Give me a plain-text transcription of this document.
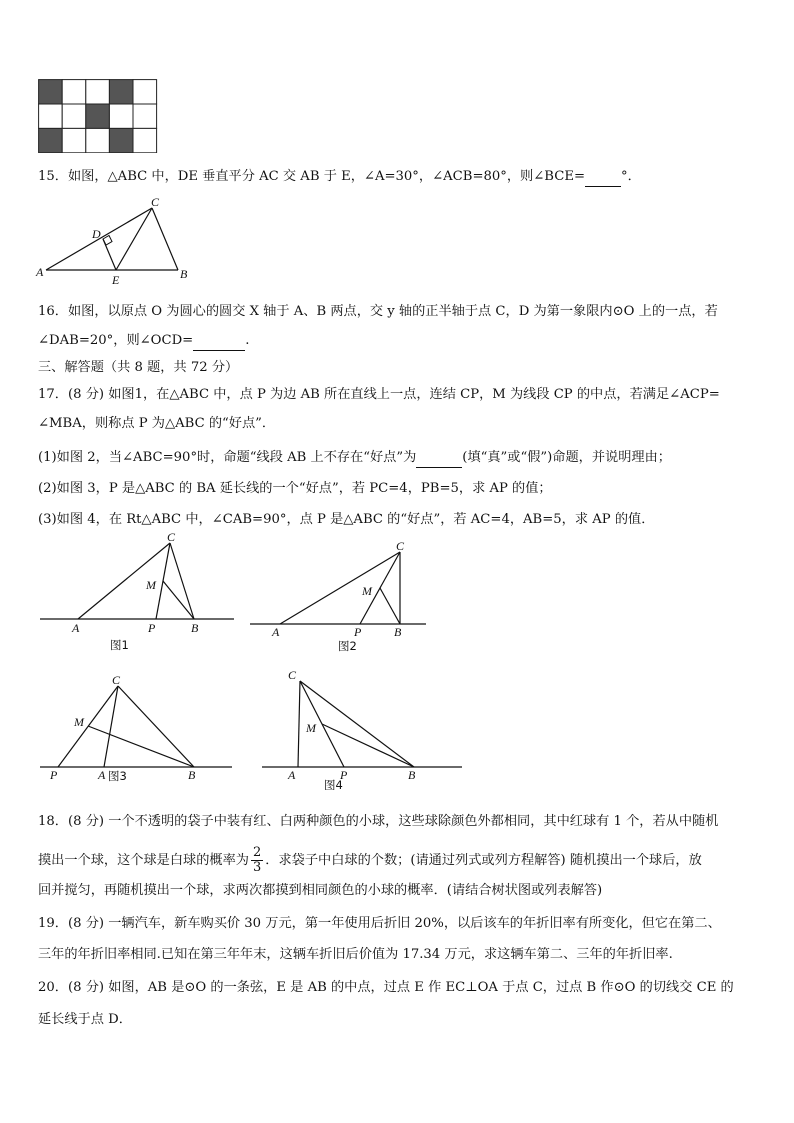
15．如图，△ABC 中，DE 垂直平分 AC 交 AB 于 E，∠A=30°，∠ACB=80°，则∠BCE=	°．
A	B
C
D
E
16．如图，以原点 O 为圆心的圆交 X 轴于 A、B 两点，交 y 轴的正半轴于点 C，D 为第一象限内⊙O 上的一点，若
∠DAB=20°，则∠OCD=	.
三、解答题（共 8 题，共 72 分）
17．(8 分) 如图1，在△ABC 中，点 P 为边 AB 所在直线上一点，连结 CP，M 为线段 CP 的中点，若满足∠ACP=
∠MBA，则称点 P 为△ABC 的“好点”．
(1)如图 2，当∠ABC=90°时，命题“线段 AB 上不存在“好点”为	(填“真”或“假”)命题，并说明理由；
(2)如图 3，P 是△ABC 的 BA 延长线的一个“好点”，若 PC=4，PB=5，求 AP 的值；
(3)如图 4，在 Rt△ABC 中，∠CAB=90°，点 P 是△ABC 的“好点”，若 AC=4，AB=5，求 AP 的值．
C
M
A	P	B
图1
C
M
A	P	B
图2
C
M
P	A	B
图3
C
M
A	P	B
图4
18．(8 分) 一个不透明的袋子中装有红、白两种颜色的小球，这些球除颜色外都相同，其中红球有 1 个，若从中随机
摸出一个球，这个球是白球的概率为 $\frac{2}{3}$ ．求袋子中白球的个数；(请通过列式或列方程解答) 随机摸出一个球后，放
回并搅匀，再随机摸出一个球，求两次都摸到相同颜色的小球的概率．(请结合树状图或列表解答)
19．(8 分) 一辆汽车，新车购买价 30 万元，第一年使用后折旧 20%，以后该车的年折旧率有所变化，但它在第二、
三年的年折旧率相同.已知在第三年年末，这辆车折旧后价值为 17.34 万元，求这辆车第二、三年的年折旧率.
20．(8 分) 如图，AB 是⊙O 的一条弦，E 是 AB 的中点，过点 E 作 EC⊥OA 于点 C，过点 B 作⊙O 的切线交 CE 的
延长线于点 D．
